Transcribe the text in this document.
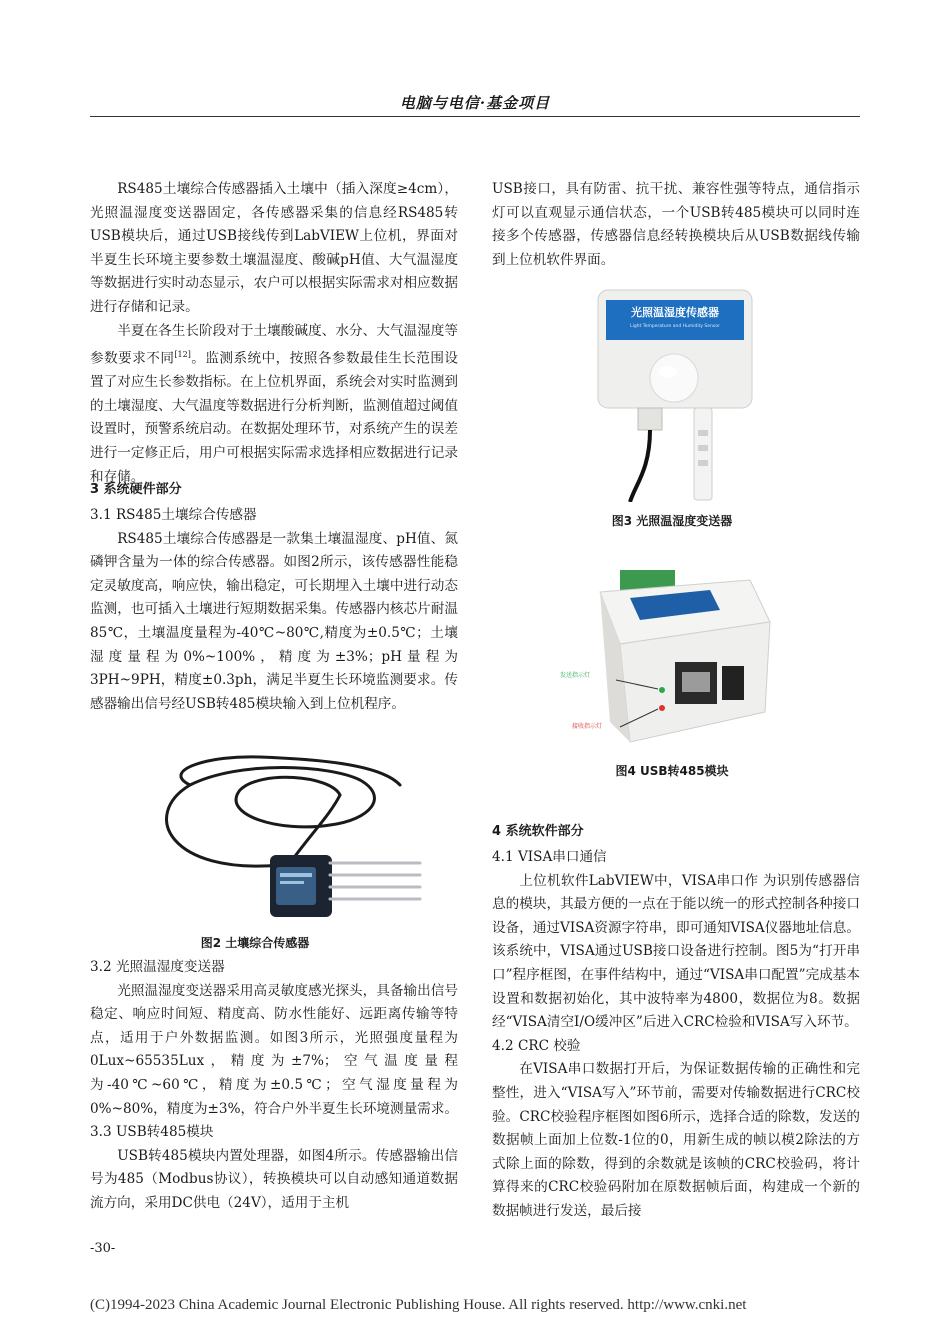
电脑与电信·基金项目

RS485土壤综合传感器插入土壤中（插入深度≥4cm），光照温湿度变送器固定，各传感器采集的信息经RS485转USB模块后，通过USB接线传到LabVIEW上位机，界面对半夏生长环境主要参数土壤温湿度、酸碱pH值、大气温湿度等数据进行实时动态显示，农户可以根据实际需求对相应数据进行存储和记录。

半夏在各生长阶段对于土壤酸碱度、水分、大气温湿度等参数要求不同[12]。监测系统中，按照各参数最佳生长范围设置了对应生长参数指标。在上位机界面，系统会对实时监测到的土壤湿度、大气温度等数据进行分析判断，监测值超过阈值设置时，预警系统启动。在数据处理环节，对系统产生的误差进行一定修正后，用户可根据实际需求选择相应数据进行记录和存储。

3 系统硬件部分

3.1 RS485土壤综合传感器

RS485土壤综合传感器是一款集土壤温湿度、pH值、氮磷钾含量为一体的综合传感器。如图2所示，该传感器性能稳定灵敏度高，响应快，输出稳定，可长期埋入土壤中进行动态监测，也可插入土壤进行短期数据采集。传感器内核芯片耐温85℃，土壤温度量程为-40℃~80℃,精度为±0.5℃；土壤湿度量程为0%~100%，精度为±3%；pH量程为3PH~9PH，精度±0.3ph，满足半夏生长环境监测要求。传感器输出信号经USB转485模块输入到上位机程序。

图2 土壤综合传感器

3.2 光照温湿度变送器

光照温湿度变送器采用高灵敏度感光探头，具备输出信号稳定、响应时间短、精度高、防水性能好、远距离传输等特点，适用于户外数据监测。如图3所示，光照强度量程为0Lux~65535Lux，精度为±7%；空气温度量程为-40℃~60℃，精度为±0.5℃；空气湿度量程为0%~80%，精度为±3%，符合户外半夏生长环境测量需求。

3.3 USB转485模块

USB转485模块内置处理器，如图4所示。传感器输出信号为485（Modbus协议），转换模块可以自动感知通道数据流方向，采用DC供电（24V），适用于主机

-30-

USB接口，具有防雷、抗干扰、兼容性强等特点，通信指示灯可以直观显示通信状态，一个USB转485模块可以同时连接多个传感器，传感器信息经转换模块后从USB数据线传输到上位机软件界面。

光照温湿度传感器
Light Temperature and Humidity Sensor
图3 光照温湿度变送器
发送指示灯
接收指示灯
图4 USB转485模块
4 系统软件部分

4.1 VISA串口通信

上位机软件LabVIEW中，VISA串口作 为识别传感器信息的模块，其最方便的一点在于能以统一的形式控制各种接口设备，通过VISA资源字符串，即可通知VISA仪器地址信息。该系统中，VISA通过USB接口设备进行控制。图5为“打开串口”程序框图，在事件结构中，通过“VISA串口配置”完成基本设置和数据初始化，其中波特率为4800，数据位为8。数据经“VISA清空I/O缓冲区”后进入CRC检验和VISA写入环节。

4.2 CRC 校验

在VISA串口数据打开后，为保证数据传输的正确性和完整性，进入“VISA写入”环节前，需要对传输数据进行CRC校验。CRC校验程序框图如图6所示，选择合适的除数，发送的数据帧上面加上位数-1位的0，用新生成的帧以模2除法的方式除上面的除数，得到的余数就是该帧的CRC校验码，将计算得来的CRC校验码附加在原数据帧后面，构建成一个新的数据帧进行发送，最后接

(C)1994-2023 China Academic Journal Electronic Publishing House. All rights reserved. http://www.cnki.net
